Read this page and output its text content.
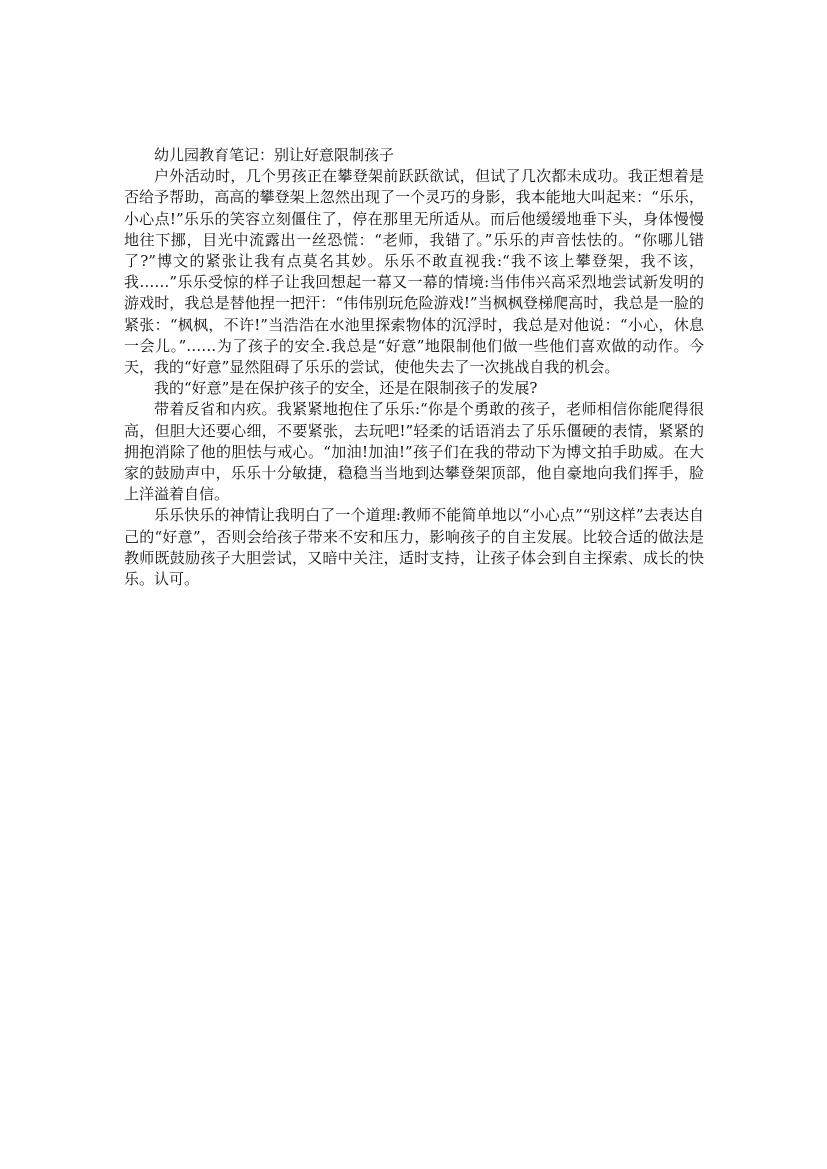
幼儿园教育笔记：别让好意限制孩子

户外活动时，几个男孩正在攀登架前跃跃欲试，但试了几次都未成功。我正想着是否给予帮助，高高的攀登架上忽然出现了一个灵巧的身影，我本能地大叫起来：“乐乐，小心点!”乐乐的笑容立刻僵住了，停在那里无所适从。而后他缓缓地垂下头，身体慢慢地往下挪，目光中流露出一丝恐慌：“老师，我错了。”乐乐的声音怯怯的。“你哪儿错了?”博文的紧张让我有点莫名其妙。乐乐不敢直视我:“我不该上攀登架，我不该，我……”乐乐受惊的样子让我回想起一幕又一幕的情境:当伟伟兴高采烈地尝试新发明的游戏时，我总是替他捏一把汗：“伟伟别玩危险游戏!”当枫枫登梯爬高时，我总是一脸的紧张：“枫枫，不许!”当浩浩在水池里探索物体的沉浮时，我总是对他说：“小心，休息一会儿。”……为了孩子的安全.我总是“好意”地限制他们做一些他们喜欢做的动作。今天，我的“好意”显然阻碍了乐乐的尝试，使他失去了一次挑战自我的机会。

我的“好意”是在保护孩子的安全，还是在限制孩子的发展?

带着反省和内疚。我紧紧地抱住了乐乐:“你是个勇敢的孩子，老师相信你能爬得很高，但胆大还要心细，不要紧张，去玩吧!”轻柔的话语消去了乐乐僵硬的表情，紧紧的拥抱消除了他的胆怯与戒心。“加油!加油!”孩子们在我的带动下为博文拍手助威。在大家的鼓励声中，乐乐十分敏捷，稳稳当当地到达攀登架顶部，他自豪地向我们挥手，脸上洋溢着自信。

乐乐快乐的神情让我明白了一个道理:教师不能简单地以“小心点”“别这样”去表达自己的“好意”，否则会给孩子带来不安和压力，影响孩子的自主发展。比较合适的做法是教师既鼓励孩子大胆尝试，又暗中关注，适时支持，让孩子体会到自主探索、成长的快乐。认可。
